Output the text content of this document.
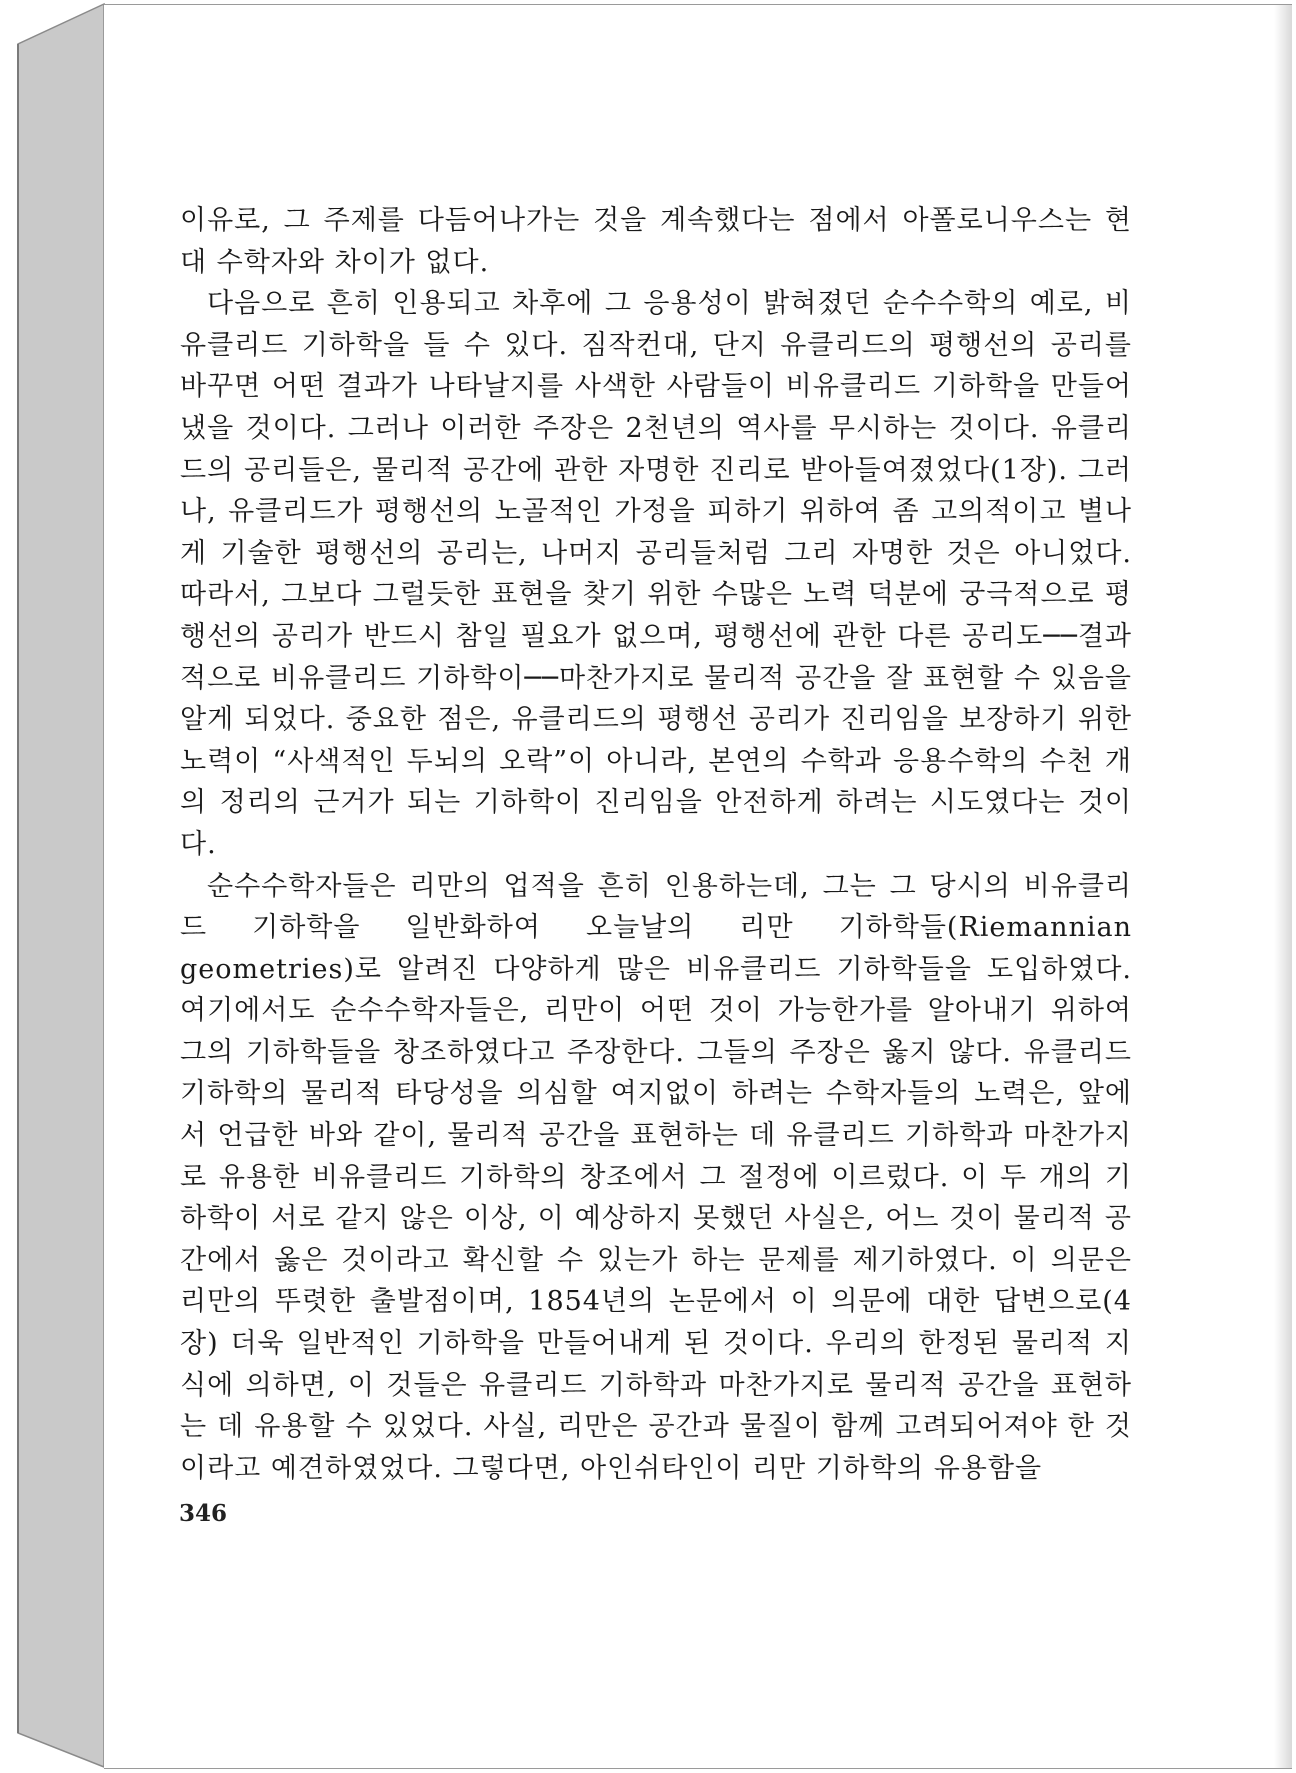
이유로, 그 주제를 다듬어나가는 것을 계속했다는 점에서 아폴로니우스는 현대 수학자와 차이가 없다.

다음으로 흔히 인용되고 차후에 그 응용성이 밝혀졌던 순수수학의 예로, 비유클리드 기하학을 들 수 있다. 짐작컨대, 단지 유클리드의 평행선의 공리를 바꾸면 어떤 결과가 나타날지를 사색한 사람들이 비유클리드 기하학을 만들어냈을 것이다. 그러나 이러한 주장은 2천년의 역사를 무시하는 것이다. 유클리드의 공리들은, 물리적 공간에 관한 자명한 진리로 받아들여졌었다(1장). 그러나, 유클리드가 평행선의 노골적인 가정을 피하기 위하여 좀 고의적이고 별나게 기술한 평행선의 공리는, 나머지 공리들처럼 그리 자명한 것은 아니었다. 따라서, 그보다 그럴듯한 표현을 찾기 위한 수많은 노력 덕분에 궁극적으로 평행선의 공리가 반드시 참일 필요가 없으며, 평행선에 관한 다른 공리도──결과적으로 비유클리드 기하학이──마찬가지로 물리적 공간을 잘 표현할 수 있음을 알게 되었다. 중요한 점은, 유클리드의 평행선 공리가 진리임을 보장하기 위한 노력이 “사색적인 두뇌의 오락”이 아니라, 본연의 수학과 응용수학의 수천 개의 정리의 근거가 되는 기하학이 진리임을 안전하게 하려는 시도였다는 것이다.

순수수학자들은 리만의 업적을 흔히 인용하는데, 그는 그 당시의 비유클리드 기하학을 일반화하여 오늘날의 리만 기하학들(Riemannian geometries)로 알려진 다양하게 많은 비유클리드 기하학들을 도입하였다. 여기에서도 순수수학자들은, 리만이 어떤 것이 가능한가를 알아내기 위하여 그의 기하학들을 창조하였다고 주장한다. 그들의 주장은 옳지 않다. 유클리드 기하학의 물리적 타당성을 의심할 여지없이 하려는 수학자들의 노력은, 앞에서 언급한 바와 같이, 물리적 공간을 표현하는 데 유클리드 기하학과 마찬가지로 유용한 비유클리드 기하학의 창조에서 그 절정에 이르렀다. 이 두 개의 기하학이 서로 같지 않은 이상, 이 예상하지 못했던 사실은, 어느 것이 물리적 공간에서 옳은 것이라고 확신할 수 있는가 하는 문제를 제기하였다. 이 의문은 리만의 뚜렷한 출발점이며, 1854년의 논문에서 이 의문에 대한 답변으로(4장) 더욱 일반적인 기하학을 만들어내게 된 것이다. 우리의 한정된 물리적 지식에 의하면, 이 것들은 유클리드 기하학과 마찬가지로 물리적 공간을 표현하는 데 유용할 수 있었다. 사실, 리만은 공간과 물질이 함께 고려되어져야 한 것이라고 예견하였었다. 그렇다면, 아인쉬타인이 리만 기하학의 유용함을

346
